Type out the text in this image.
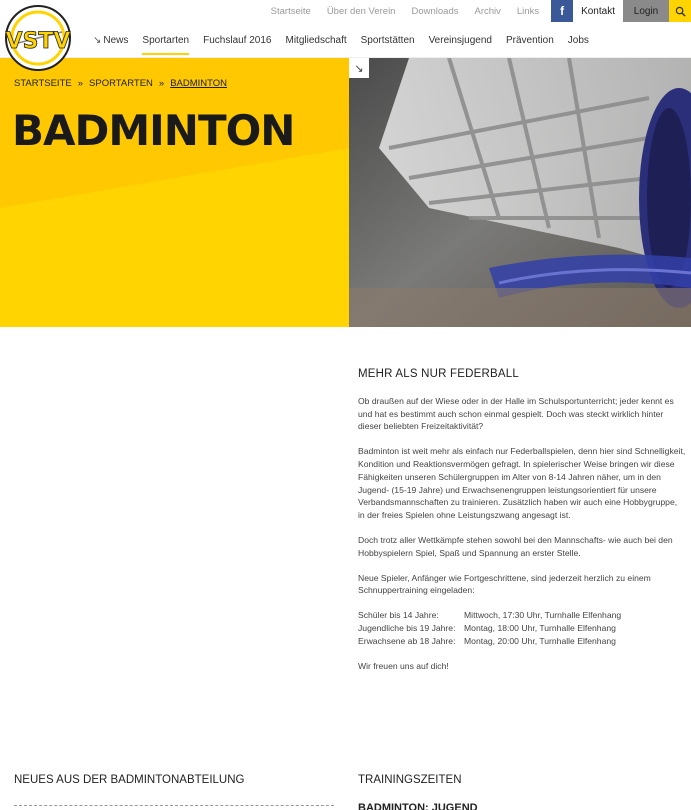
Startseite	Über den Verein	Downloads	Archiv	Links	f	Kontakt	Login
↘ News	Sportarten	Fuchslauf 2016	Mitgliedschaft	Sportstätten	Vereinsjugend	Prävention	Jobs
VSTV
STARTSEITE » SPORTARTEN » BADMINTON
BADMINTON
↘
MEHR ALS NUR FEDERBALL

Ob draußen auf der Wiese oder in der Halle im Schulsportunterricht; jeder kennt es und hat es bestimmt auch schon einmal gespielt. Doch was steckt wirklich hinter dieser beliebten Freizeitaktivität?

Badminton ist weit mehr als einfach nur Federballspielen, denn hier sind Schnelligkeit, Kondition und Reaktionsvermögen gefragt. In spielerischer Weise bringen wir diese Fähigkeiten unseren Schülergruppen im Alter von 8-14 Jahren näher, um in den Jugend- (15-19 Jahre) und Erwachsenengruppen leistungsorientiert für unsere Verbandsmannschaften zu trainieren. Zusätzlich haben wir auch eine Hobbygruppe, in der freies Spielen ohne Leistungszwang angesagt ist.

Doch trotz aller Wettkämpfe stehen sowohl bei den Mannschafts- wie auch bei den Hobbyspielern Spiel, Spaß und Spannung an erster Stelle.

Neue Spieler, Anfänger wie Fortgeschrittene, sind jederzeit herzlich zu einem Schnuppertraining eingeladen:

Schüler bis 14 Jahre:	Mittwoch, 17:30 Uhr, Turnhalle Elfenhang
Jugendliche bis 19 Jahre: Montag, 18:00 Uhr, Turnhalle Elfenhang
Erwachsene ab 18 Jahre: Montag, 20:00 Uhr, Turnhalle Elfenhang

Wir freuen uns auf dich!

NEUES AUS DER BADMINTONABTEILUNG	TRAININGSZEITEN
BADMINTON: JUGEND
